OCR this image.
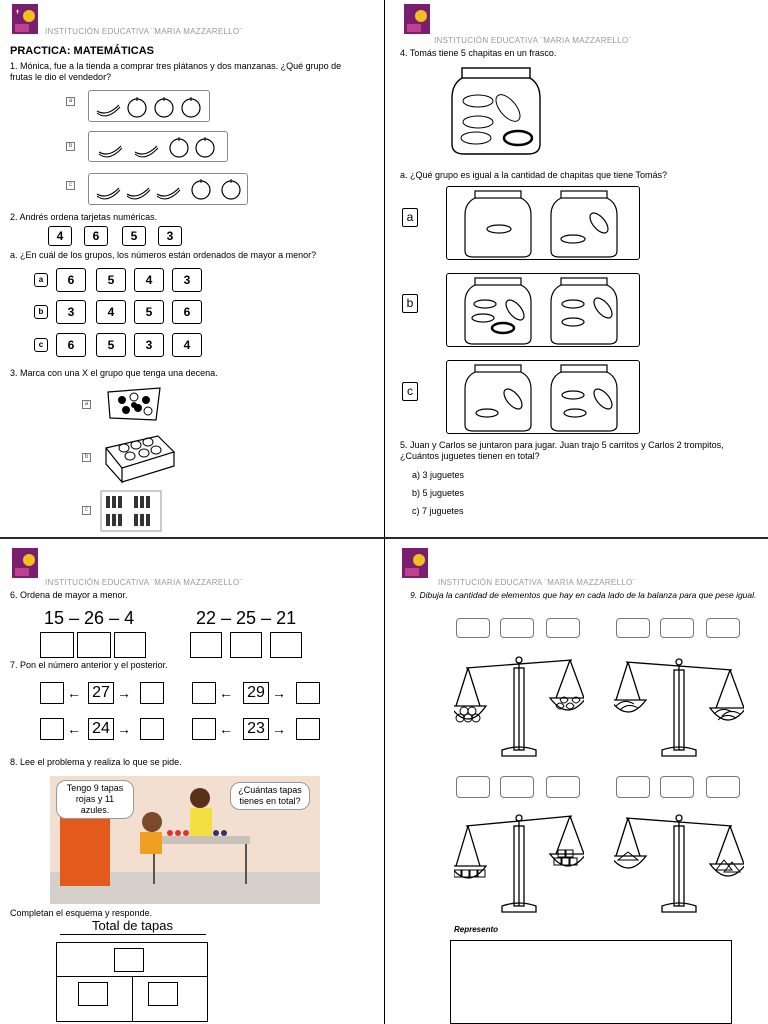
✝
INSTITUCIÓN EDUCATIVA ¨MARIA MAZZARELLO¨
PRACTICA: MATEMÁTICAS
1. Mónica, fue a la tienda a comprar tres plátanos y dos manzanas. ¿Qué grupo de frutas le dio el vendedor?
a
b
c
2. Andrés ordena tarjetas numéricas.
4	6	5	3
a. ¿En cuál de los grupos, los números están ordenados de mayor a menor?
a	6	5	4	3
b	3	4	5	6
c	6	5	3	4
3. Marca con una X el grupo que tenga una decena.
a
b
c
INSTITUCIÓN EDUCATIVA ¨MARIA MAZZARELLO¨
4. Tomás tiene 5 chapitas en un frasco.
a. ¿Qué grupo es igual a la cantidad de chapitas que tiene Tomás?
a
b
c
5. Juan y Carlos se juntaron para jugar. Juan trajo 5 carritos y Carlos 2 trompitos, ¿Cuántos juguetes tienen en total?
a) 3 juguetes
b) 5 juguetes
c) 7 juguetes
INSTITUCIÓN EDUCATIVA ¨MARIA MAZZARELLO¨
6. Ordena de mayor a menor.
15 – 26 – 4	22 – 25 – 21
7. Pon el número anterior y el posterior.
← 27 →	← 29 →
← 24 →	← 23 →
8. Lee el problema y realiza lo que se pide.
Tengo 9 tapas rojas y 11 azules.
¿Cuántas tapas tienes en total?
Completan el esquema y responde.
Total de tapas
INSTITUCIÓN EDUCATIVA ¨MARIA MAZZARELLO¨
9. Dibuja la cantidad de elementos que hay en cada lado de la balanza para que pese igual.
Represento
